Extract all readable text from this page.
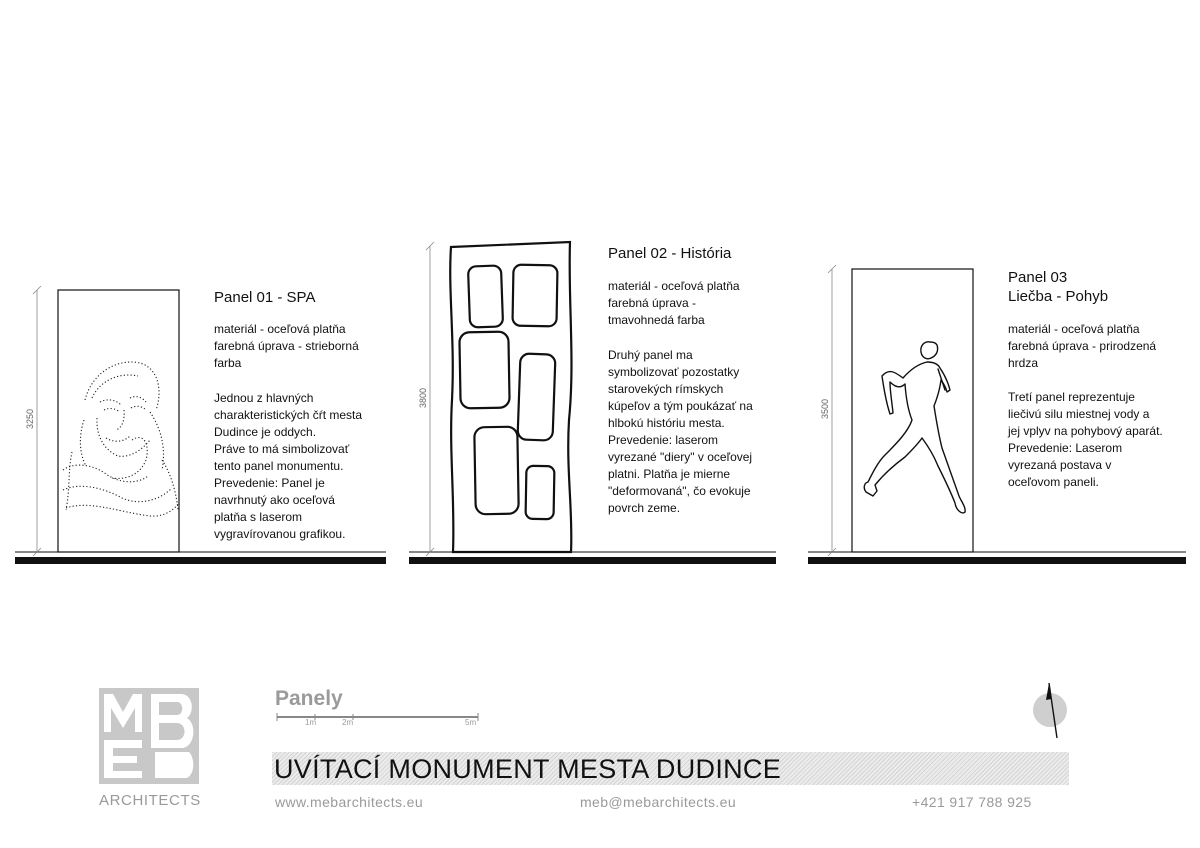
3250
3800
3500
Panel 01 - SPA
materiál - oceľová platňa
farebná úprava - strieborná
farba
Jednou z hlavných
charakteristických čŕt mesta
Dudince je oddych.
Práve to má simbolizovať
tento panel monumentu.
Prevedenie: Panel je
navrhnutý ako oceľová
platňa s laserom
vygravírovanou grafikou.
Panel 02 - História
materiál - oceľová platňa
farebná úprava -
tmavohnedá farba
Druhý panel ma
symbolizovať pozostatky
starovekých rímskych
kúpeľov a tým poukázať na
hlbokú históriu mesta.
Prevedenie: laserom
vyrezané "diery" v oceľovej
platni. Platňa je mierne
"deformovaná", čo evokuje
povrch zeme.
Panel 03
Liečba - Pohyb
materiál - oceľová platňa
farebná úprava - prirodzená
hrdza
Tretí panel reprezentuje
liečivú silu miestnej vody a
jej vplyv na pohybový aparát.
Prevedenie: Laserom
vyrezaná postava v
oceľovom paneli.
ARCHITECTS
Panely
1m	2m	5m
UVÍTACÍ MONUMENT MESTA DUDINCE
www.mebarchitects.eu	meb@mebarchitects.eu	+421 917 788 925
